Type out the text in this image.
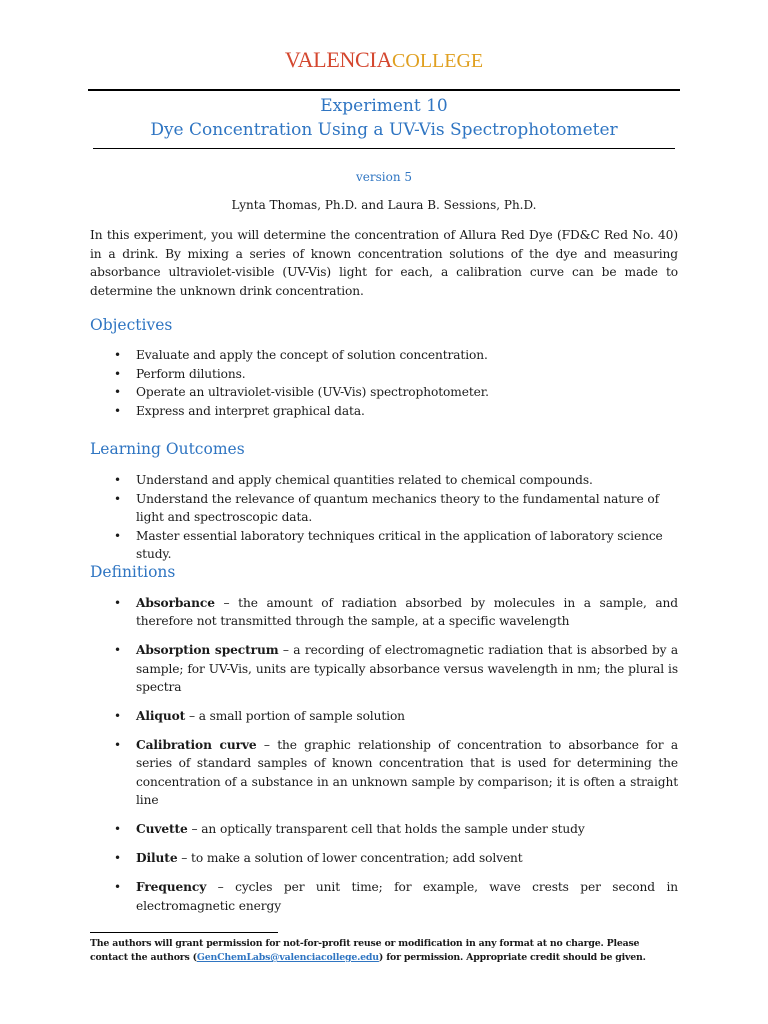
VALENCIACOLLEGE
Experiment 10
Dye Concentration Using a UV-Vis Spectrophotometer
version 5
Lynta Thomas, Ph.D. and Laura B. Sessions, Ph.D.

In this experiment, you will determine the concentration of Allura Red Dye (FD&C Red No. 40) in a drink. By mixing a series of known concentration solutions of the dye and measuring absorbance ultraviolet-visible (UV-Vis) light for each, a calibration curve can be made to determine the unknown drink concentration.

Objectives
• Evaluate and apply the concept of solution concentration.
• Perform dilutions.
• Operate an ultraviolet-visible (UV-Vis) spectrophotometer.
• Express and interpret graphical data.
Learning Outcomes
• Understand and apply chemical quantities related to chemical compounds.
• Understand the relevance of quantum mechanics theory to the fundamental nature of light and spectroscopic data.
• Master essential laboratory techniques critical in the application of laboratory science study.
Definitions
• Absorbance – the amount of radiation absorbed by molecules in a sample, and therefore not transmitted through the sample, at a specific wavelength
• Absorption spectrum – a recording of electromagnetic radiation that is absorbed by a sample; for UV-Vis, units are typically absorbance versus wavelength in nm; the plural is spectra
• Aliquot – a small portion of sample solution
• Calibration curve – the graphic relationship of concentration to absorbance for a series of standard samples of known concentration that is used for determining the concentration of a substance in an unknown sample by comparison; it is often a straight line
• Cuvette – an optically transparent cell that holds the sample under study
• Dilute – to make a solution of lower concentration; add solvent
• Frequency – cycles per unit time; for example, wave crests per second in electromagnetic energy

The authors will grant permission for not-for-profit reuse or modification in any format at no charge. Please contact the authors (GenChemLabs@valenciacollege.edu) for permission. Appropriate credit should be given.
